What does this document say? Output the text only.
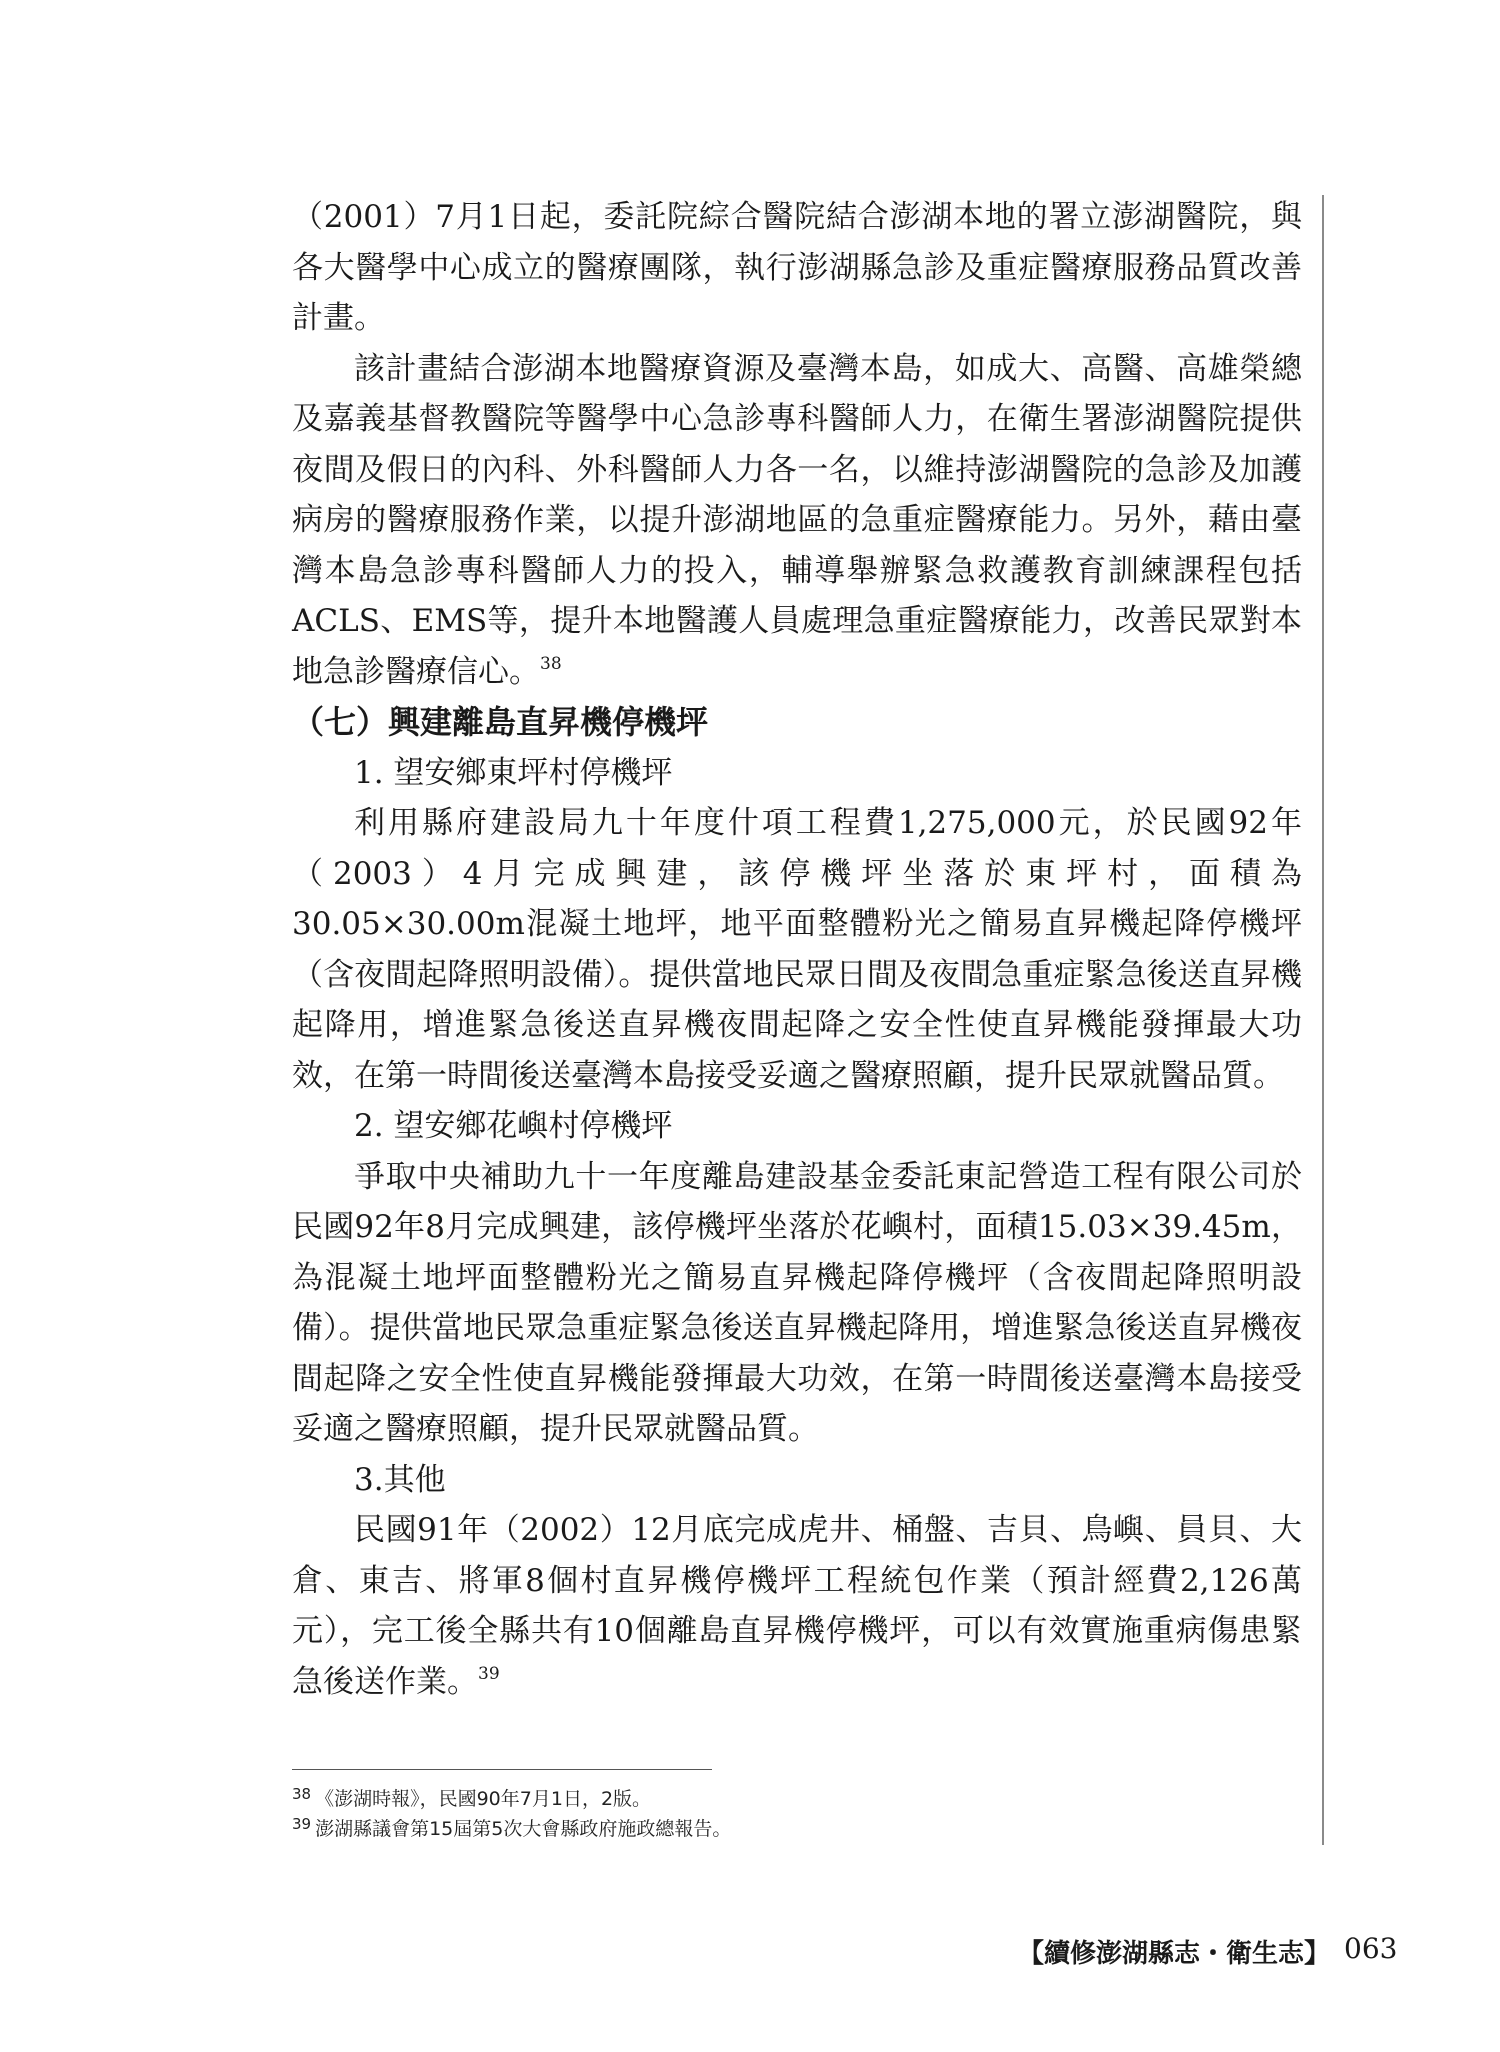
（2001）7月1日起，委託院綜合醫院結合澎湖本地的署立澎湖醫院，與各大醫學中心成立的醫療團隊，執行澎湖縣急診及重症醫療服務品質改善計畫。

該計畫結合澎湖本地醫療資源及臺灣本島，如成大、高醫、高雄榮總及嘉義基督教醫院等醫學中心急診專科醫師人力，在衛生署澎湖醫院提供夜間及假日的內科、外科醫師人力各一名，以維持澎湖醫院的急診及加護病房的醫療服務作業，以提升澎湖地區的急重症醫療能力。另外，藉由臺灣本島急診專科醫師人力的投入，輔導舉辦緊急救護教育訓練課程包括ACLS、EMS等，提升本地醫護人員處理急重症醫療能力，改善民眾對本地急診醫療信心。$^{38}$

（七）興建離島直昇機停機坪

1. 望安鄉東坪村停機坪

利用縣府建設局九十年度什項工程費1,275,000元，於民國92年（2003）4月完成興建，該停機坪坐落於東坪村，面積為30.05×30.00m混凝土地坪，地平面整體粉光之簡易直昇機起降停機坪（含夜間起降照明設備）。提供當地民眾日間及夜間急重症緊急後送直昇機起降用，增進緊急後送直昇機夜間起降之安全性使直昇機能發揮最大功效，在第一時間後送臺灣本島接受妥適之醫療照顧，提升民眾就醫品質。

2. 望安鄉花嶼村停機坪

爭取中央補助九十一年度離島建設基金委託東記營造工程有限公司於民國92年8月完成興建，該停機坪坐落於花嶼村，面積15.03×39.45m，為混凝土地坪面整體粉光之簡易直昇機起降停機坪（含夜間起降照明設備）。提供當地民眾急重症緊急後送直昇機起降用，增進緊急後送直昇機夜間起降之安全性使直昇機能發揮最大功效，在第一時間後送臺灣本島接受妥適之醫療照顧，提升民眾就醫品質。

3.其他

民國91年（2002）12月底完成虎井、桶盤、吉貝、鳥嶼、員貝、大倉、東吉、將軍8個村直昇機停機坪工程統包作業（預計經費2,126萬元），完工後全縣共有10個離島直昇機停機坪，可以有效實施重病傷患緊急後送作業。$^{39}$

$^{38}$ 《澎湖時報》，民國90年7月1日，2版。
$^{39}$ 澎湖縣議會第15屆第5次大會縣政府施政總報告。
【續修澎湖縣志・衛生志】 063
